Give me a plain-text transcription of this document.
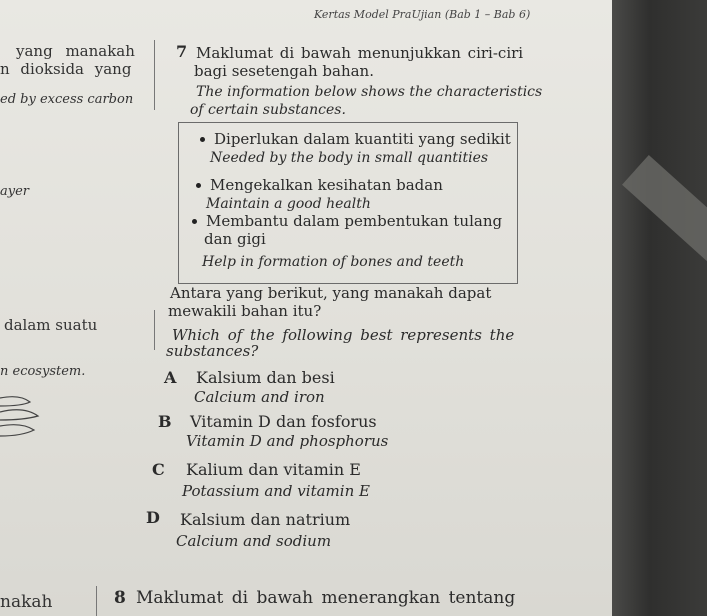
Kertas Model PraUjian (Bab 1 – Bab 6)
yang manakah
n dioksida yang
ed by excess carbon
ayer
dalam suatu
n ecosystem.
nakah
7 Maklumat di bawah menunjukkan ciri-ciri
bagi sesetengah bahan.
The information below shows the characteristics
of certain substances.
Diperlukan dalam kuantiti yang sedikit
Needed by the body in small quantities
Mengekalkan kesihatan badan
Maintain a good health
Membantu dalam pembentukan tulang
dan gigi
Help in formation of bones and teeth
Antara yang berikut, yang manakah dapat
mewakili bahan itu?
Which of the following best represents the
substances?
A Kalsium dan besi
Calcium and iron
B Vitamin D dan fosforus
Vitamin D and phosphorus
C Kalium dan vitamin E
Potassium and vitamin E
D Kalsium dan natrium
Calcium and sodium
8 Maklumat di bawah menerangkan tentang
